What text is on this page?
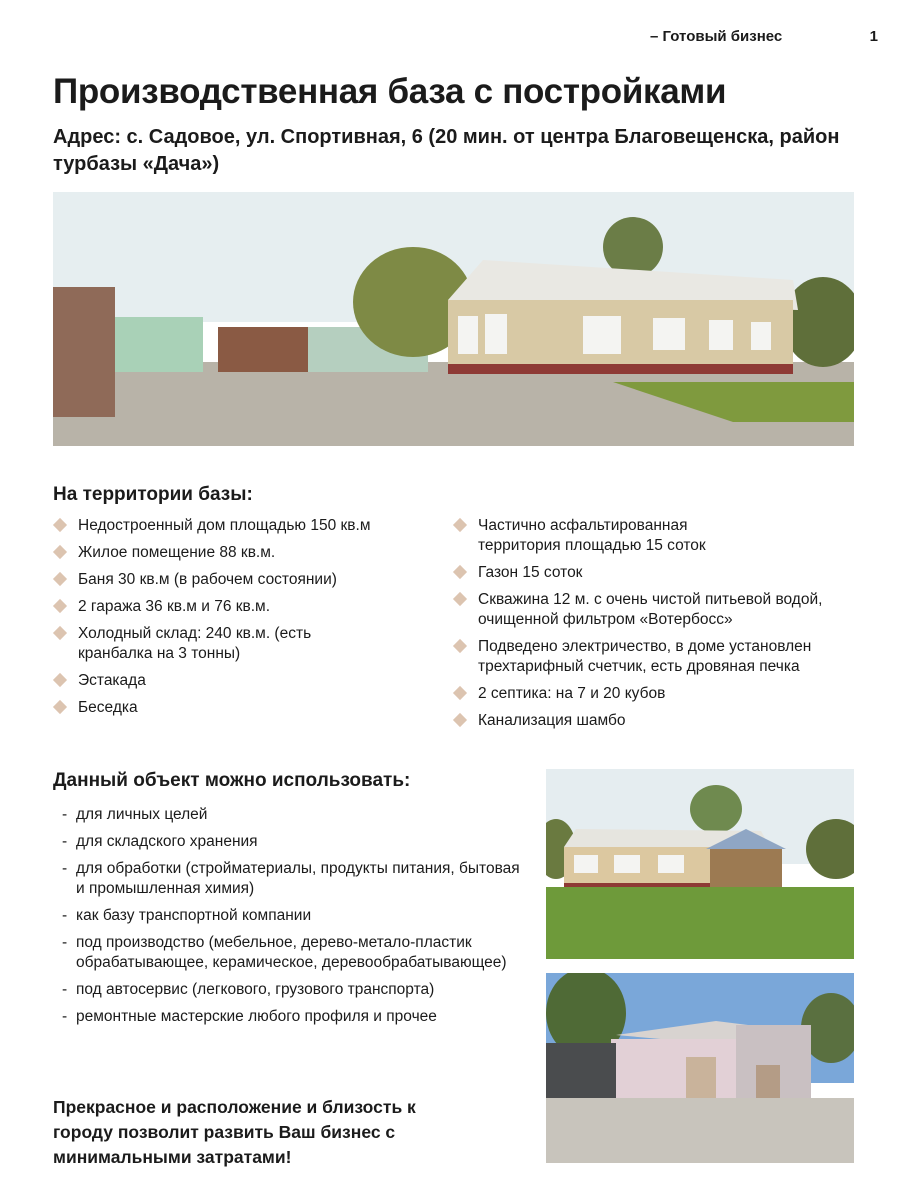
– Готовый бизнес	1
Производственная база с постройками
Адрес: с. Садовое, ул. Спортивная, 6 (20 мин. от центра Благовещенска, район турбазы «Дача»)
На территории базы:
Недостроенный дом площадью 150 кв.м
Жилое помещение 88 кв.м.
Баня 30 кв.м (в рабочем состоянии)
2 гаража 36 кв.м и 76 кв.м.
Холодный склад: 240 кв.м. (есть кранбалка на 3 тонны)
Эстакада
Беседка
Частично асфальтированная территория площадью 15 соток
Газон 15 соток
Скважина 12 м. с очень чистой питьевой водой, очищенной фильтром «Вотербосс»
Подведено электричество, в доме установлен трехтарифный счетчик, есть дровяная печка
2 септика: на 7 и 20 кубов
Канализация шамбо
Данный объект можно использовать:
- для личных целей
- для складского хранения
- для обработки (стройматериалы, продукты питания, бытовая и промышленная химия)
- как базу транспортной компании
- под производство (мебельное, дерево-метало-пластик обрабатывающее, керамическое, деревообрабатывающее)
- под автосервис (легкового, грузового транспорта)
- ремонтные мастерские любого профиля и прочее

Прекрасное и расположение и близость к городу позволит развить Ваш бизнес с минимальными затратами!
